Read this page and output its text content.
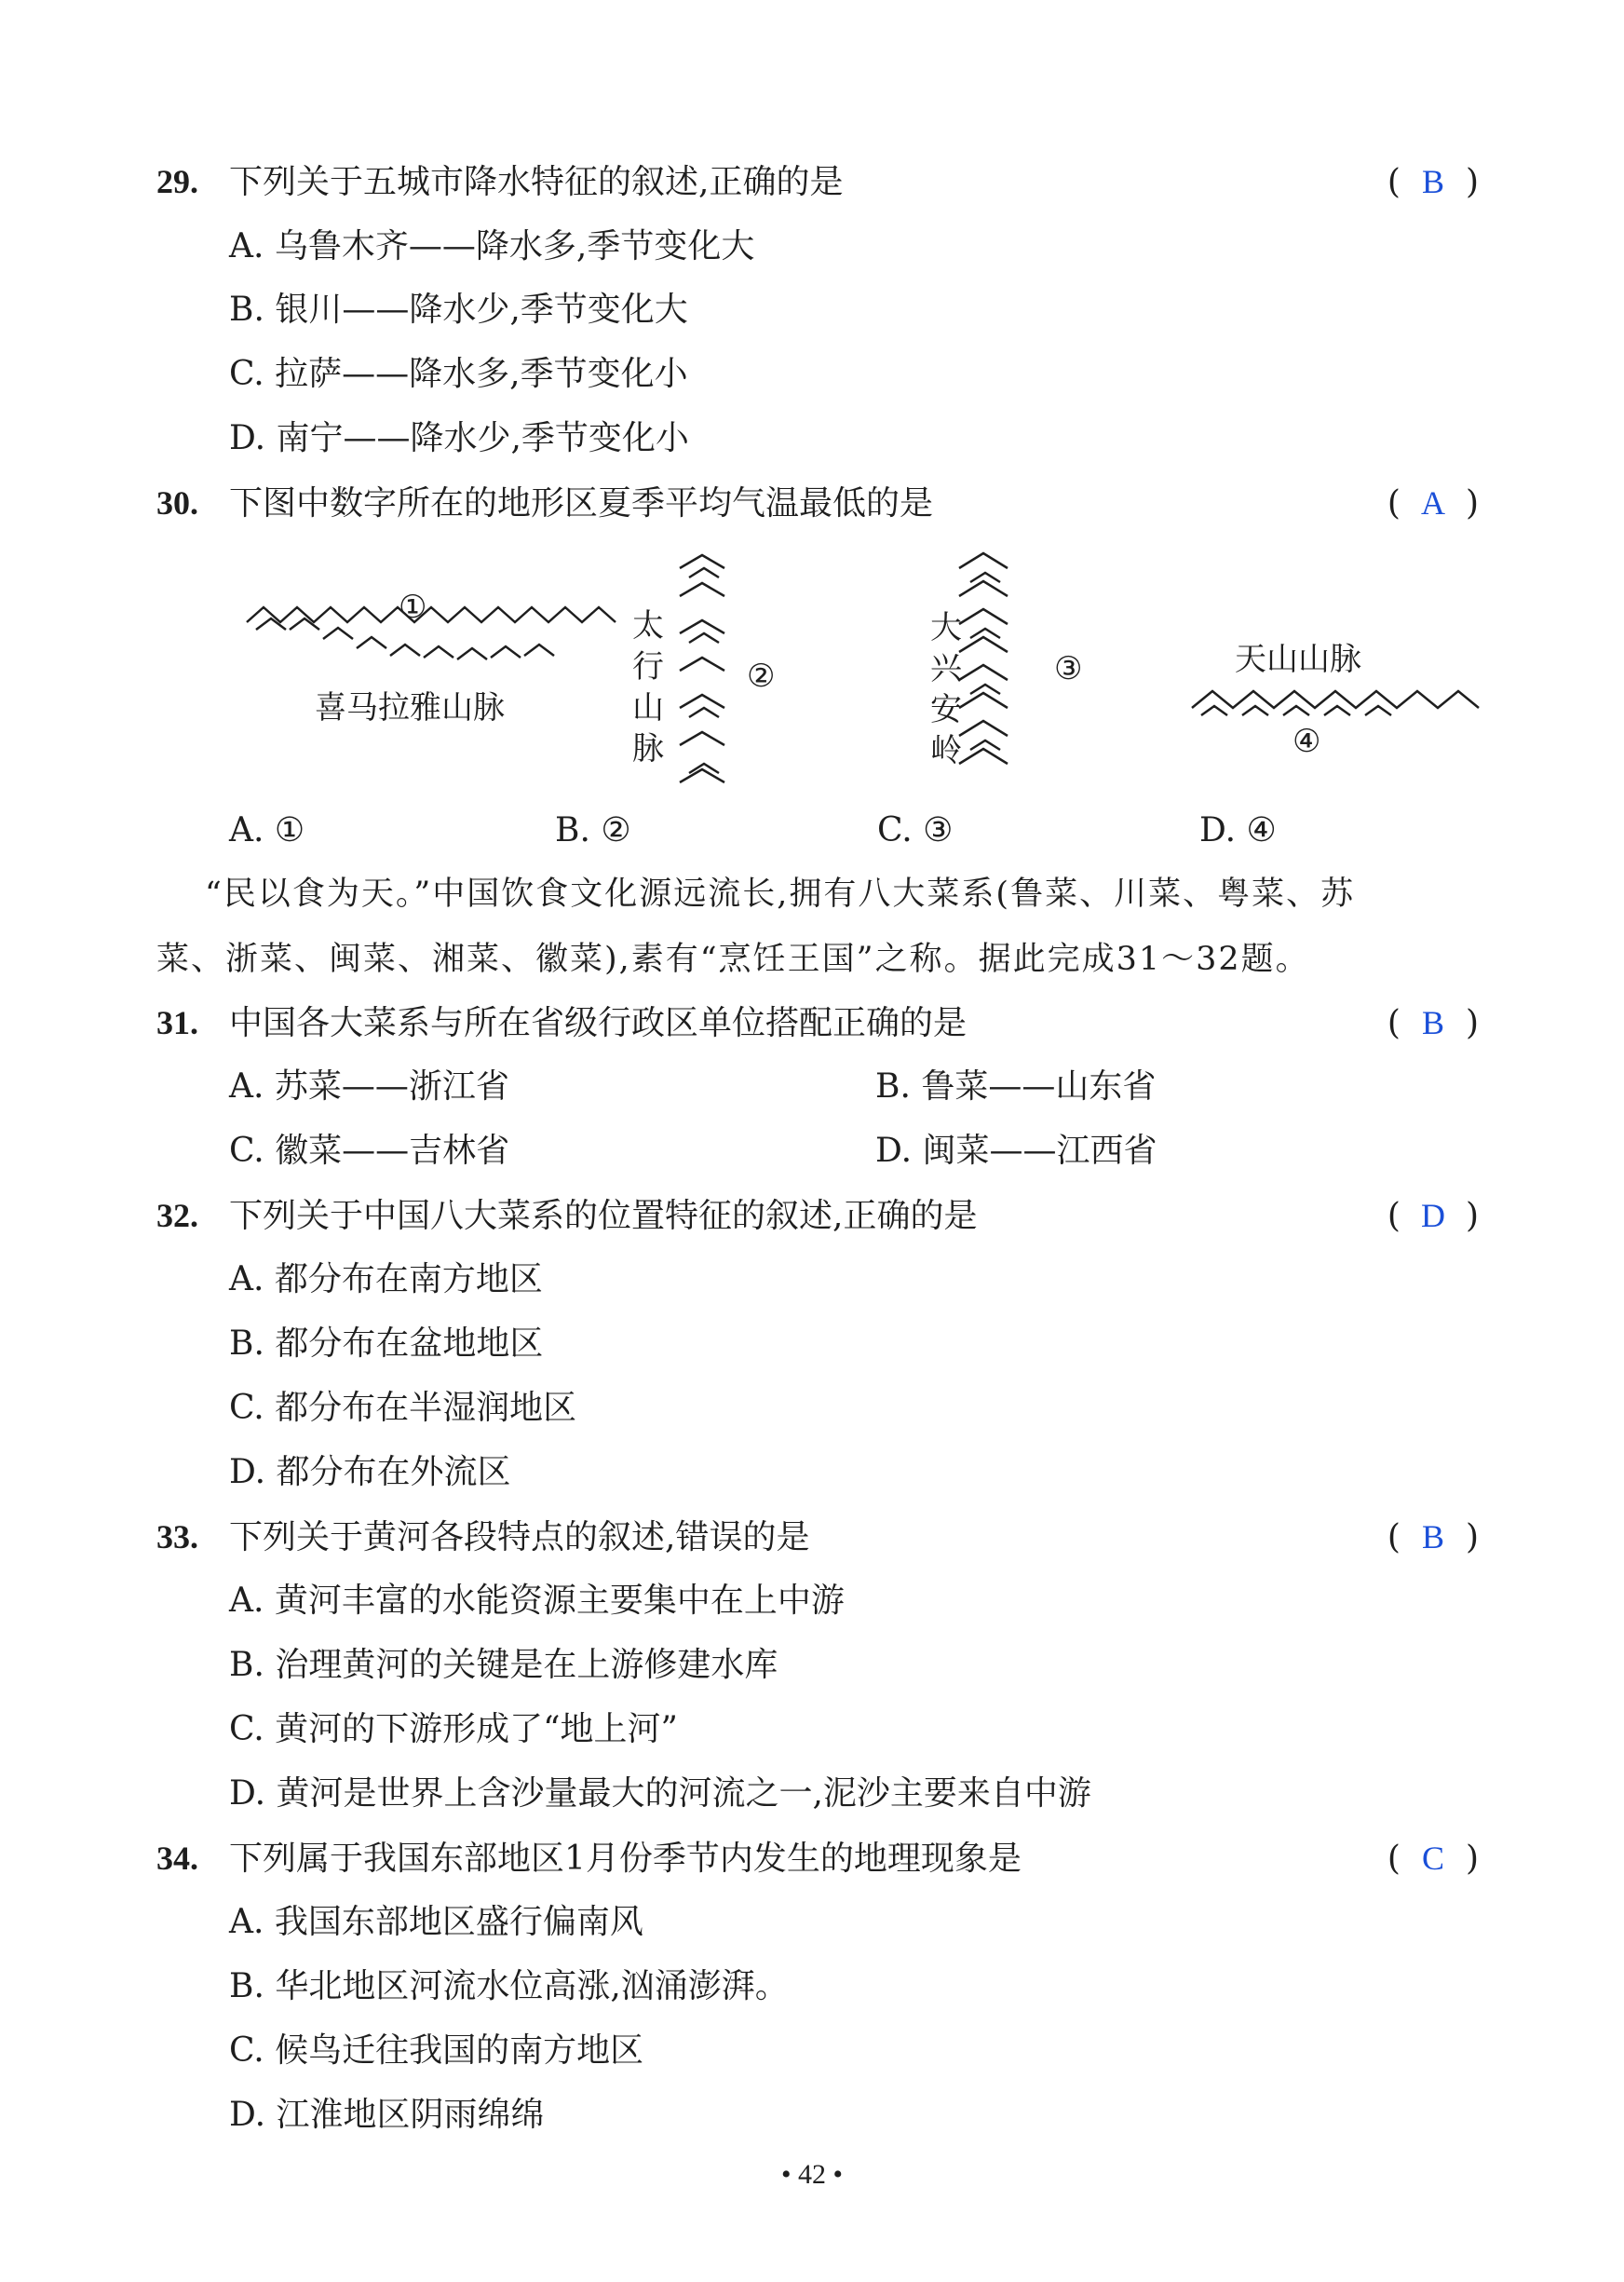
29. 下列关于五城市降水特征的叙述,正确的是	( B )
A. 乌鲁木齐——降水多,季节变化大
B. 银川——降水少,季节变化大
C. 拉萨——降水多,季节变化小
D. 南宁——降水少,季节变化小
30. 下图中数字所在的地形区夏季平均气温最低的是	( A )
①
喜马拉雅山脉
太
行
山
脉
②
大
兴
安
岭
③	天山山脉
④
A. ①	B. ②	C. ③	D. ④
“民以食为天。”中国饮食文化源远流长,拥有八大菜系(鲁菜、川菜、粤菜、苏
菜、浙菜、闽菜、湘菜、徽菜),素有“烹饪王国”之称。据此完成31～32题。
31. 中国各大菜系与所在省级行政区单位搭配正确的是	( B )
A. 苏菜——浙江省	B. 鲁菜——山东省
C. 徽菜——吉林省	D. 闽菜——江西省
32. 下列关于中国八大菜系的位置特征的叙述,正确的是	( D )
A. 都分布在南方地区
B. 都分布在盆地地区
C. 都分布在半湿润地区
D. 都分布在外流区
33. 下列关于黄河各段特点的叙述,错误的是	( B )
A. 黄河丰富的水能资源主要集中在上中游
B. 治理黄河的关键是在上游修建水库
C. 黄河的下游形成了“地上河”
D. 黄河是世界上含沙量最大的河流之一,泥沙主要来自中游
34. 下列属于我国东部地区1月份季节内发生的地理现象是	( C )
A. 我国东部地区盛行偏南风
B. 华北地区河流水位高涨,汹涌澎湃。
C. 候鸟迁往我国的南方地区
D. 江淮地区阴雨绵绵
• 42 •
